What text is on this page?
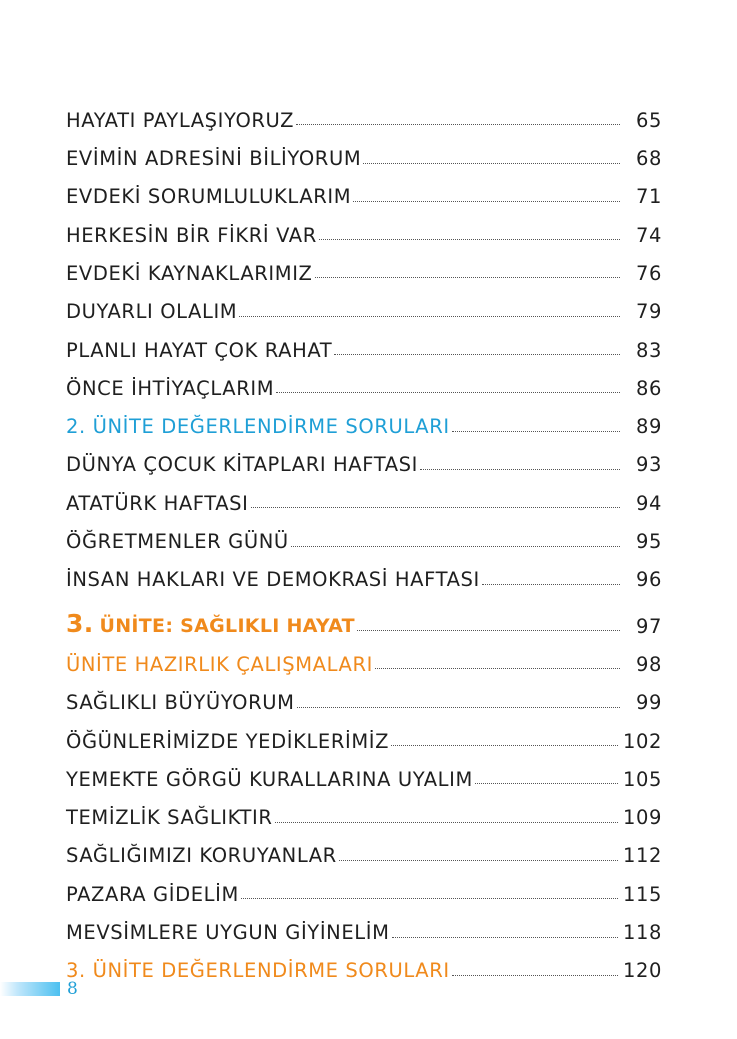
HAYATI PAYLAŞIYORUZ	65
EVİMİN ADRESİNİ BİLİYORUM	68
EVDEKİ SORUMLULUKLARIM	71
HERKESİN BİR FİKRİ VAR	74
EVDEKİ KAYNAKLARIMIZ	76
DUYARLI OLALIM	79
PLANLI HAYAT ÇOK RAHAT	83
ÖNCE İHTİYAÇLARIM	86
2. ÜNİTE DEĞERLENDİRME SORULARI	89
DÜNYA ÇOCUK KİTAPLARI HAFTASI	93
ATATÜRK HAFTASI	94
ÖĞRETMENLER GÜNÜ	95
İNSAN HAKLARI VE DEMOKRASİ HAFTASI	96
3. ÜNİTE: SAĞLIKLI HAYAT	97
ÜNİTE HAZIRLIK ÇALIŞMALARI	98
SAĞLIKLI BÜYÜYORUM	99
ÖĞÜNLERİMİZDE YEDİKLERİMİZ	102
YEMEKTE GÖRGÜ KURALLARINA UYALIM	105
TEMİZLİK SAĞLIKTIR	109
SAĞLIĞIMIZI KORUYANLAR	112
PAZARA GİDELİM	115
MEVSİMLERE UYGUN GİYİNELİM	118
3. ÜNİTE DEĞERLENDİRME SORULARI	120
8
